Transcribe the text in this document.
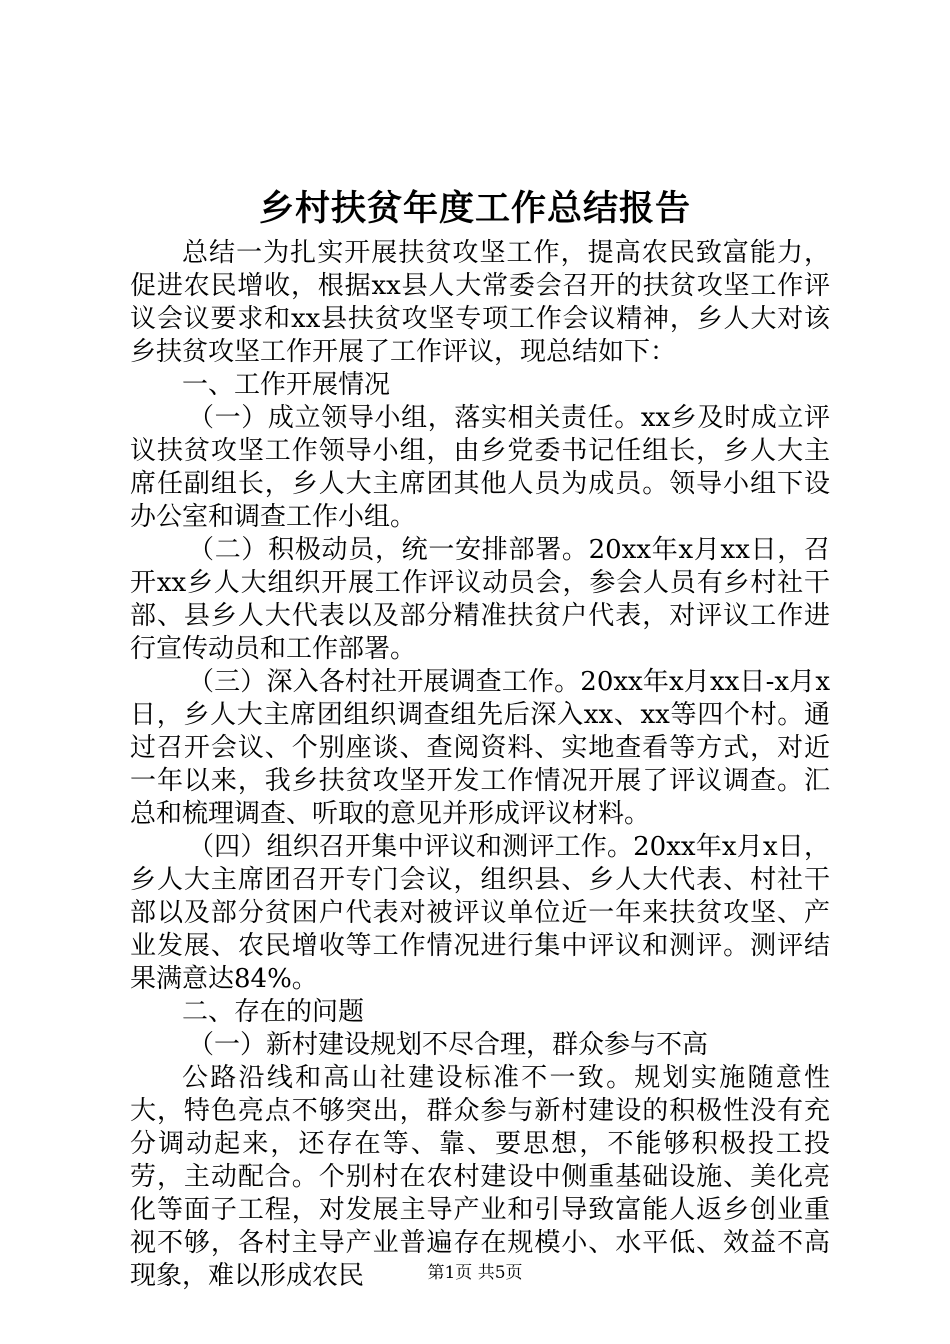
乡村扶贫年度工作总结报告

总结一为扎实开展扶贫攻坚工作，提高农民致富能力，促进农民增收，根据xx县人大常委会召开的扶贫攻坚工作评议会议要求和xx县扶贫攻坚专项工作会议精神，乡人大对该乡扶贫攻坚工作开展了工作评议，现总结如下：

一、工作开展情况

（一）成立领导小组，落实相关责任。xx乡及时成立评议扶贫攻坚工作领导小组，由乡党委书记任组长，乡人大主席任副组长，乡人大主席团其他人员为成员。领导小组下设办公室和调查工作小组。

（二）积极动员，统一安排部署。20xx年x月xx日，召开xx乡人大组织开展工作评议动员会，参会人员有乡村社干部、县乡人大代表以及部分精准扶贫户代表，对评议工作进行宣传动员和工作部署。

（三）深入各村社开展调查工作。20xx年x月xx日-x月x日，乡人大主席团组织调查组先后深入xx、xx等四个村。通过召开会议、个别座谈、查阅资料、实地查看等方式，对近一年以来，我乡扶贫攻坚开发工作情况开展了评议调查。汇总和梳理调查、听取的意见并形成评议材料。

（四）组织召开集中评议和测评工作。20xx年x月x日，乡人大主席团召开专门会议，组织县、乡人大代表、村社干部以及部分贫困户代表对被评议单位近一年来扶贫攻坚、产业发展、农民增收等工作情况进行集中评议和测评。测评结果满意达84%。

二、存在的问题

（一）新村建设规划不尽合理，群众参与不高

公路沿线和高山社建设标准不一致。规划实施随意性大，特色亮点不够突出，群众参与新村建设的积极性没有充分调动起来，还存在等、靠、要思想，不能够积极投工投劳，主动配合。个别村在农村建设中侧重基础设施、美化亮化等面子工程，对发展主导产业和引导致富能人返乡创业重视不够，各村主导产业普遍存在规模小、水平低、效益不高现象，难以形成农民	第1页 共5页
